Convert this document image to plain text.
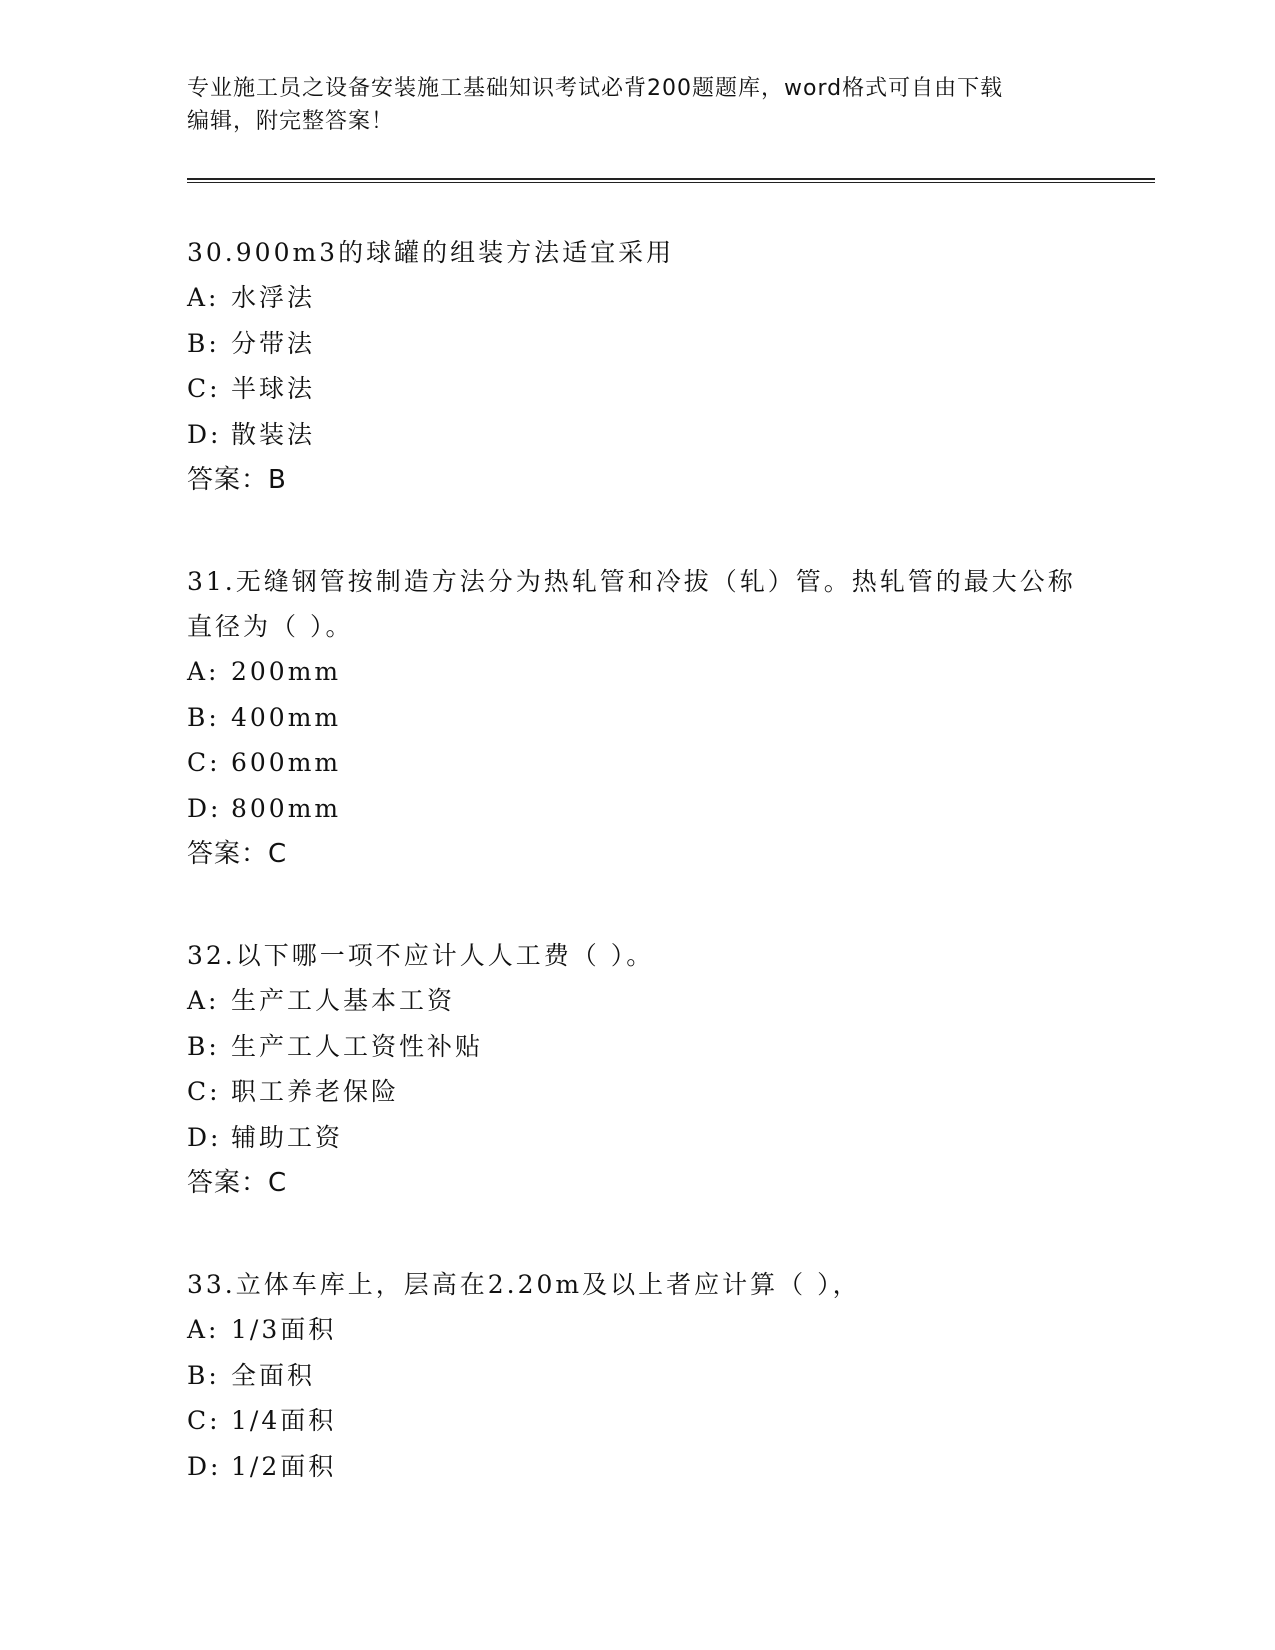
专业施工员之设备安装施工基础知识考试必背200题题库，word格式可自由下载
编辑，附完整答案！

30.900m3的球罐的组装方法适宜采用

A: 水浮法
B: 分带法
C: 半球法
D: 散装法
答案：B

31.无缝钢管按制造方法分为热轧管和冷拔（轧）管。热轧管的最大公称直径为（ ）。

A: 200mm
B: 400mm
C: 600mm
D: 800mm
答案：C

32.以下哪一项不应计人人工费（ ）。

A: 生产工人基本工资
B: 生产工人工资性补贴
C: 职工养老保险
D: 辅助工资
答案：C

33.立体车库上，层高在2.20m及以上者应计算（ ），

A: 1/3面积
B: 全面积
C: 1/4面积
D: 1/2面积
